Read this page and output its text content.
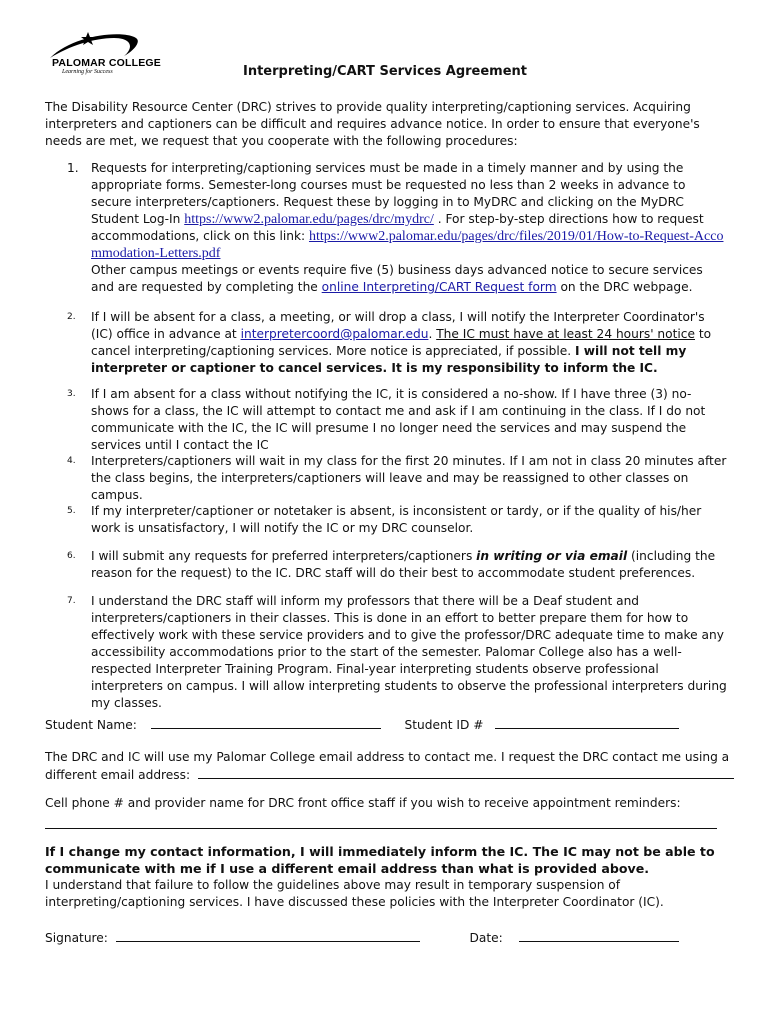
PALOMAR COLLEGE
Learning for Success	Interpreting/CART Services Agreement
The Disability Resource Center (DRC) strives to provide quality interpreting/captioning services. Acquiring interpreters and captioners can be difficult and requires advance notice. In order to ensure that everyone's needs are met, we request that you cooperate with the following procedures:
1.	Requests for interpreting/captioning services must be made in a timely manner and by using the appropriate forms. Semester-long courses must be requested no less than 2 weeks in advance to secure interpreters/captioners. Request these by logging in to MyDRC and clicking on the MyDRC Student Log-In https://www2.palomar.edu/pages/drc/mydrc/ . For step-by-step directions how to request accommodations, click on this link: https://www2.palomar.edu/pages/drc/files/2019/01/How-to-Request-Accommodation-Letters.pdf
Other campus meetings or events require five (5) business days advanced notice to secure services and are requested by completing the online Interpreting/CART Request form on the DRC webpage.
2.	If I will be absent for a class, a meeting, or will drop a class, I will notify the Interpreter Coordinator's (IC) office in advance at interpretercoord@palomar.edu. The IC must have at least 24 hours' notice to cancel interpreting/captioning services. More notice is appreciated, if possible. I will not tell my interpreter or captioner to cancel services. It is my responsibility to inform the IC.
3.	If I am absent for a class without notifying the IC, it is considered a no-show. If I have three (3) no-shows for a class, the IC will attempt to contact me and ask if I am continuing in the class. If I do not communicate with the IC, the IC will presume I no longer need the services and may suspend the services until I contact the IC
4.	Interpreters/captioners will wait in my class for the first 20 minutes. If I am not in class 20 minutes after the class begins, the interpreters/captioners will leave and may be reassigned to other classes on campus.
5.	If my interpreter/captioner or notetaker is absent, is inconsistent or tardy, or if the quality of his/her work is unsatisfactory, I will notify the IC or my DRC counselor.
6.	I will submit any requests for preferred interpreters/captioners in writing or via email (including the reason for the request) to the IC. DRC staff will do their best to accommodate student preferences.
7.	I understand the DRC staff will inform my professors that there will be a Deaf student and interpreters/captioners in their classes. This is done in an effort to better prepare them for how to effectively work with these service providers and to give the professor/DRC adequate time to make any accessibility accommodations prior to the start of the semester. Palomar College also has a well-respected Interpreter Training Program. Final-year interpreting students observe professional interpreters on campus. I will allow interpreting students to observe the professional interpreters during my classes.
Student Name:	Student ID #
The DRC and IC will use my Palomar College email address to contact me. I request the DRC contact me using a different email address:
Cell phone # and provider name for DRC front office staff if you wish to receive appointment reminders:
If I change my contact information, I will immediately inform the IC. The IC may not be able to communicate with me if I use a different email address than what is provided above.
I understand that failure to follow the guidelines above may result in temporary suspension of interpreting/captioning services. I have discussed these policies with the Interpreter Coordinator (IC).
Signature:	Date:
